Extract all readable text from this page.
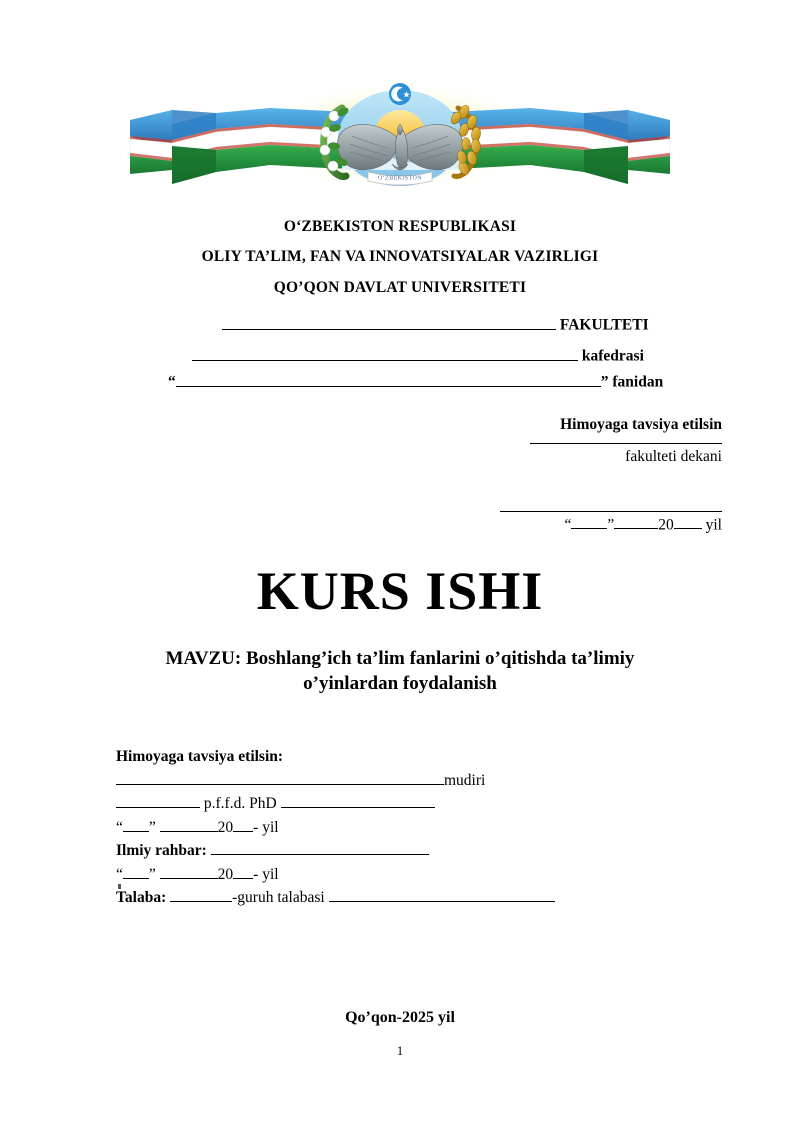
O‘ZBEKISTON
O‘ZBEKISTON RESPUBLIKASI
OLIY TA’LIM, FAN VA INNOVATSIYALAR VAZIRLIGI
QO’QON DAVLAT UNIVERSITETI
FAKULTETI
kafedrasi
“	” fanidan
Himoyaga tavsiya etilsin
fakulteti dekani
“ ”	20 yil
KURS ISHI
MAVZU: Boshlang’ich ta’lim fanlarini o’qitishda ta’limiy o’yinlardan foydalanish
Himoyaga tavsiya etilsin:
mudiri
p.f.f.d. PhD
“ ”	20 - yil
Ilmiy rahbar:
“ ”	20 - yil
Talaba:	-guruh talabasi
Qo’qon-2025 yil
1
